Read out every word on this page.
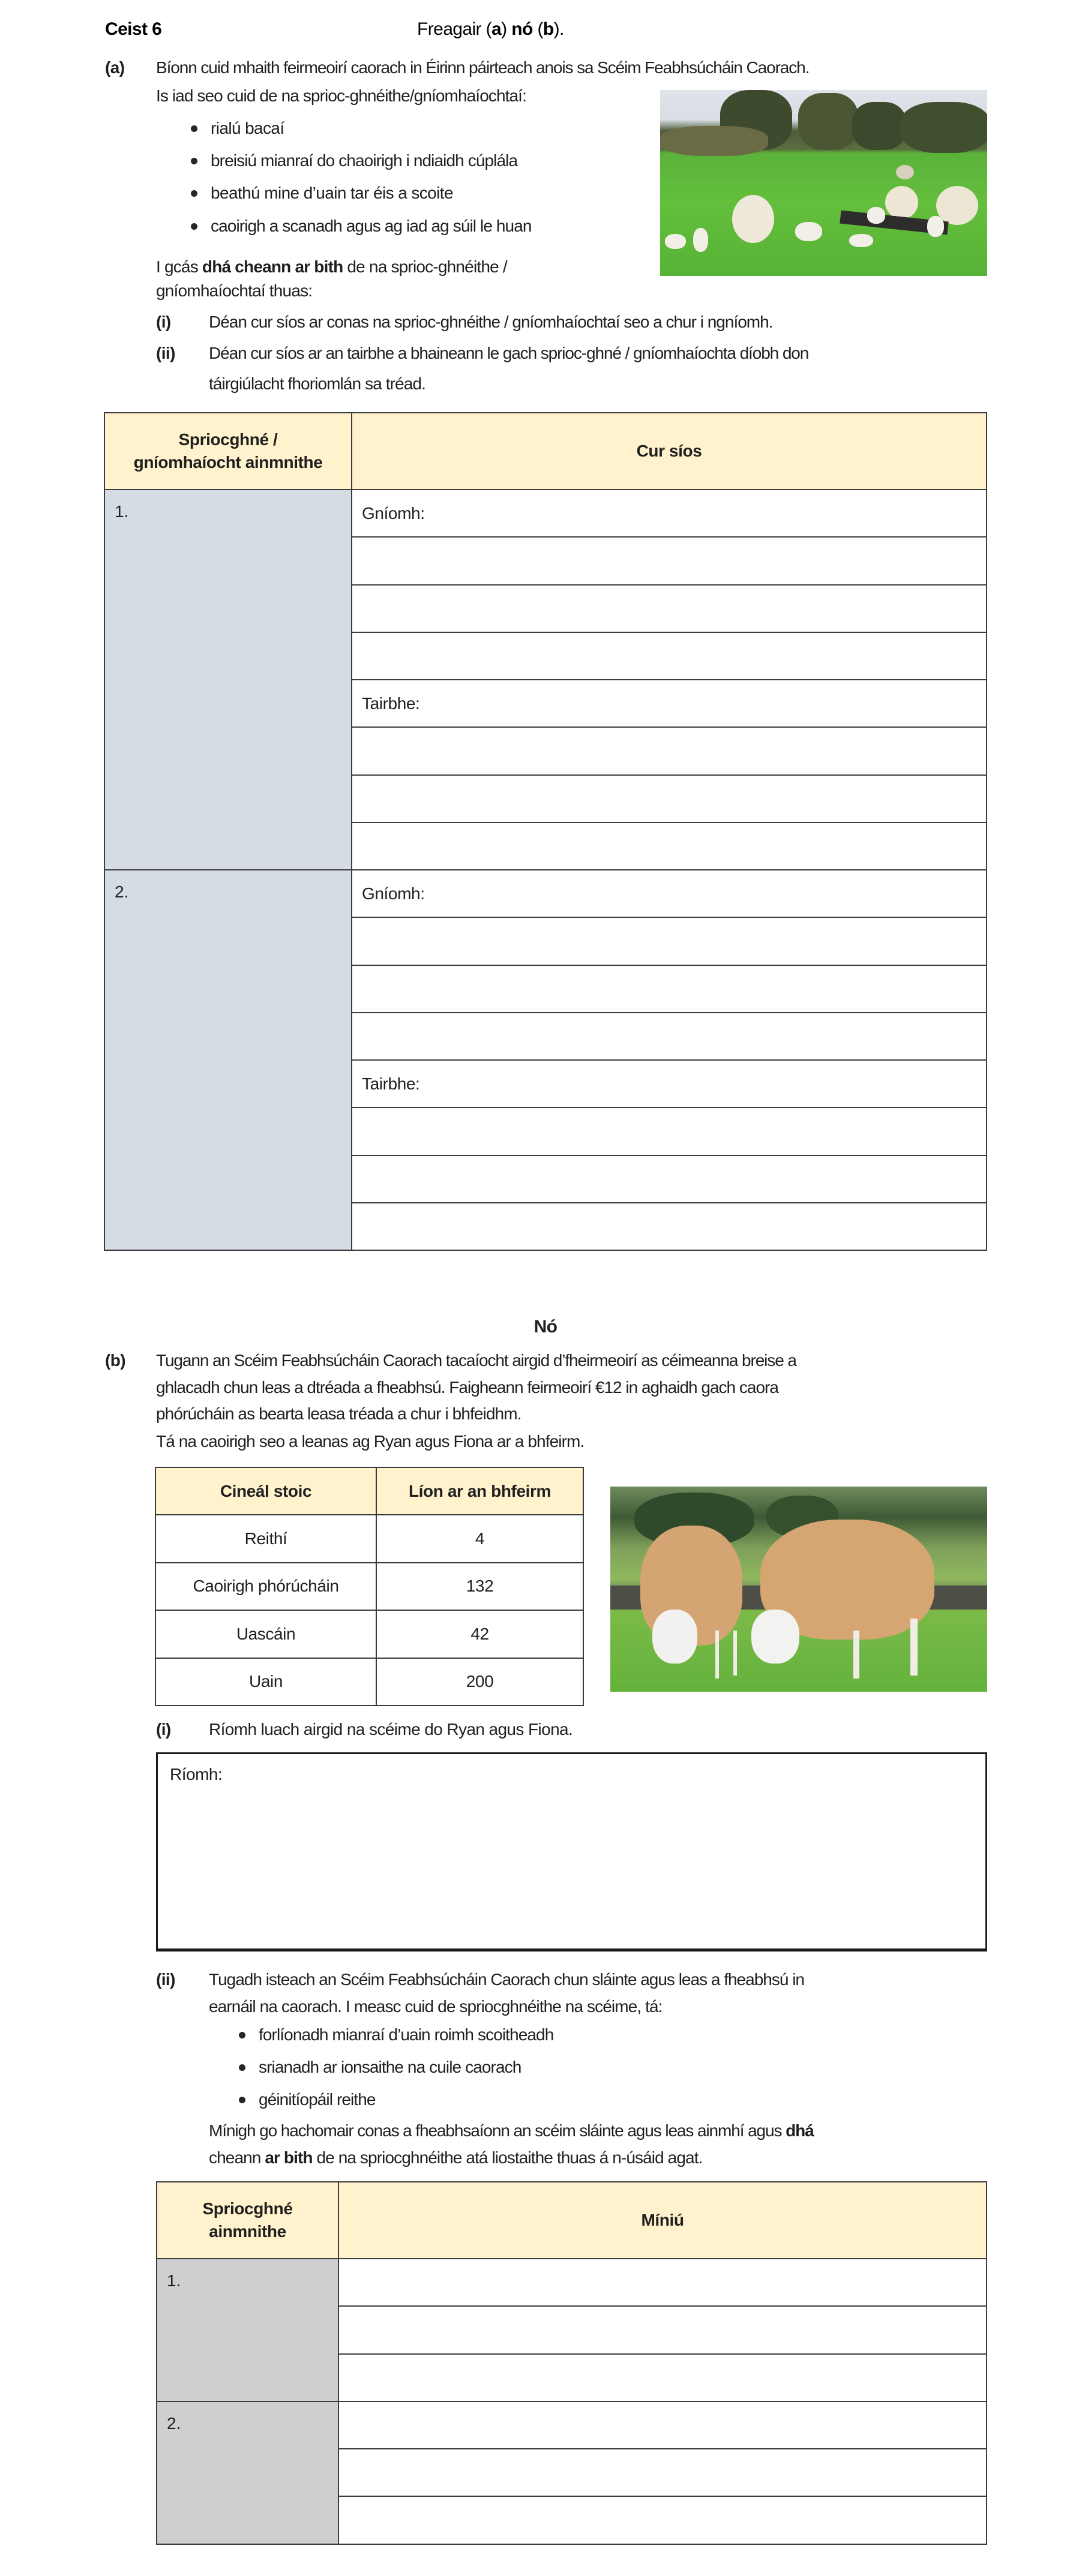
Ceist 6	Freagair (a) nó (b).
(a) Bíonn cuid mhaith feirmeoirí caorach in Éirinn páirteach anois sa Scéim Feabhsúcháin Caorach.
Is iad seo cuid de na sprioc-ghnéithe/gníomhaíochtaí:
rialú bacaí
breisiú mianraí do chaoirigh i ndiaidh cúplála
beathú mine d’uain tar éis a scoite
caoirigh a scanadh agus ag iad ag súil le huan
I gcás dhá cheann ar bith de na sprioc-ghnéithe /
gníomhaíochtaí thuas:
(i) Déan cur síos ar conas na sprioc-ghnéithe / gníomhaíochtaí seo a chur i ngníomh.
(ii) Déan cur síos ar an tairbhe a bhaineann le gach sprioc-ghné / gníomhaíochta díobh don
táirgiúlacht fhoriomlán sa tréad.
Spriocghné /
gníomhaíocht ainmnithe	Cur síos

1.	Gníomh:

	Tairbhe:

2.	Gníomh:

	Tairbhe:

Nó
(b) Tugann an Scéim Feabhsúcháin Caorach tacaíocht airgid d’fheirmeoirí as céimeanna breise a
ghlacadh chun leas a dtréada a fheabhsú. Faigheann feirmeoirí €12 in aghaidh gach caora
phórúcháin as bearta leasa tréada a chur i bhfeidhm.
Tá na caoirigh seo a leanas ag Ryan agus Fiona ar a bhfeirm.
Cineál stoic	Líon ar an bhfeirm
Reithí	4
Caoirigh phórúcháin	132
Uascáin	42
Uain	200
(i) Ríomh luach airgid na scéime do Ryan agus Fiona.
Ríomh:
(ii) Tugadh isteach an Scéim Feabhsúcháin Caorach chun sláinte agus leas a fheabhsú in
earnáil na caorach. I measc cuid de spriocghnéithe na scéime, tá:
forlíonadh mianraí d’uain roimh scoitheadh
srianadh ar ionsaithe na cuile caorach
géinitíopáil reithe
Mínigh go hachomair conas a fheabhsaíonn an scéim sláinte agus leas ainmhí agus dhá
cheann ar bith de na spriocghnéithe atá liostaithe thuas á n-úsáid agat.
Spriocghné
ainmnithe	Míniú

1.	

2.	
